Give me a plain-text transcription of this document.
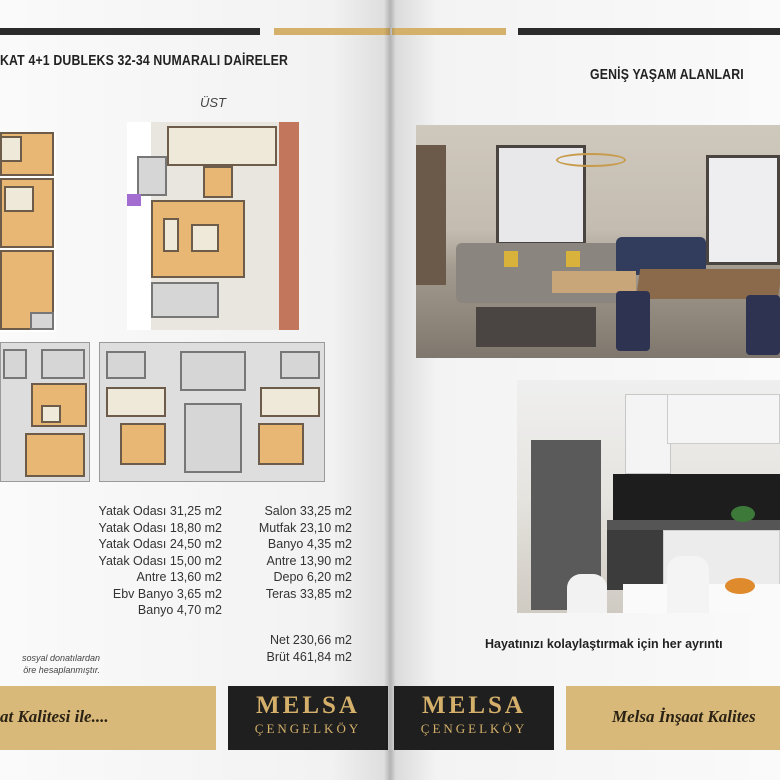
KAT 4+1 DUBLEKS 32-34 NUMARALI DAİRELER
ÜST
Yatak Odası 31,25 m2
Yatak Odası 18,80 m2
Yatak Odası 24,50 m2
Yatak Odası 15,00 m2
Antre 13,60 m2
Ebv Banyo 3,65 m2
Banyo 4,70 m2
Salon 33,25 m2
Mutfak 23,10 m2
Banyo 4,35 m2
Antre 13,90 m2
Depo 6,20 m2
Teras 33,85 m2
Net 230,66 m2
Brüt 461,84 m2
sosyal donatılardan
öre hesaplanmıştır.
at Kalitesi ile....	MELSA
ÇENGELKÖY
GENİŞ YAŞAM ALANLARI
Hayatınızı kolaylaştırmak için her ayrıntı
MELSA
ÇENGELKÖY
Melsa İnşaat Kalites
